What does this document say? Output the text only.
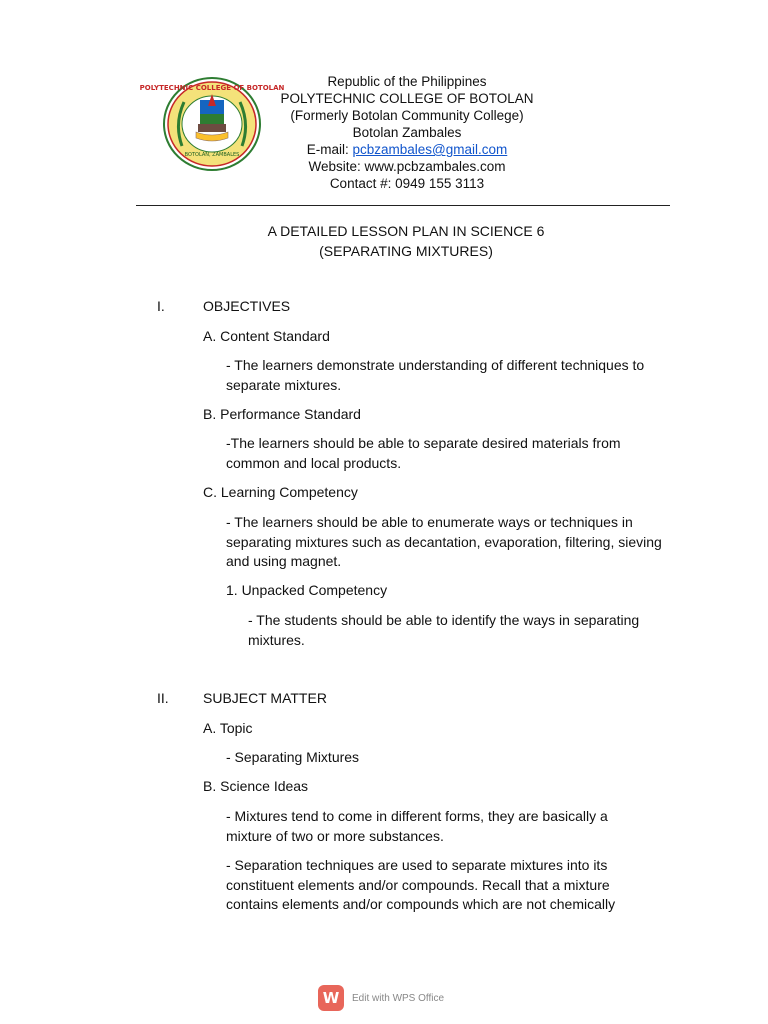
POLYTECHNIC COLLEGE OF BOTOLAN
BOTOLAN, ZAMBALES
Republic of the Philippines
POLYTECHNIC COLLEGE OF BOTOLAN
(Formerly Botolan Community College)
Botolan Zambales
E-mail: pcbzambales@gmail.com
Website: www.pcbzambales.com
Contact #: 0949 155 3113
A DETAILED LESSON PLAN IN SCIENCE 6
(SEPARATING MIXTURES)
I.	OBJECTIVES
A. Content Standard
- The learners demonstrate understanding of different techniques to separate mixtures.
B. Performance Standard
-The learners should be able to separate desired materials from common and local products.
C. Learning Competency
- The learners should be able to enumerate ways or techniques in separating mixtures such as decantation, evaporation, filtering, sieving and using magnet.
1. Unpacked Competency
- The students should be able to identify the ways in separating mixtures.
II. SUBJECT MATTER
A. Topic
- Separating Mixtures
B. Science Ideas
- Mixtures tend to come in different forms, they are basically a mixture of two or more substances.
- Separation techniques are used to separate mixtures into its constituent elements and/or compounds. Recall that a mixture contains elements and/or compounds which are not chemically
W	Edit with WPS Office
